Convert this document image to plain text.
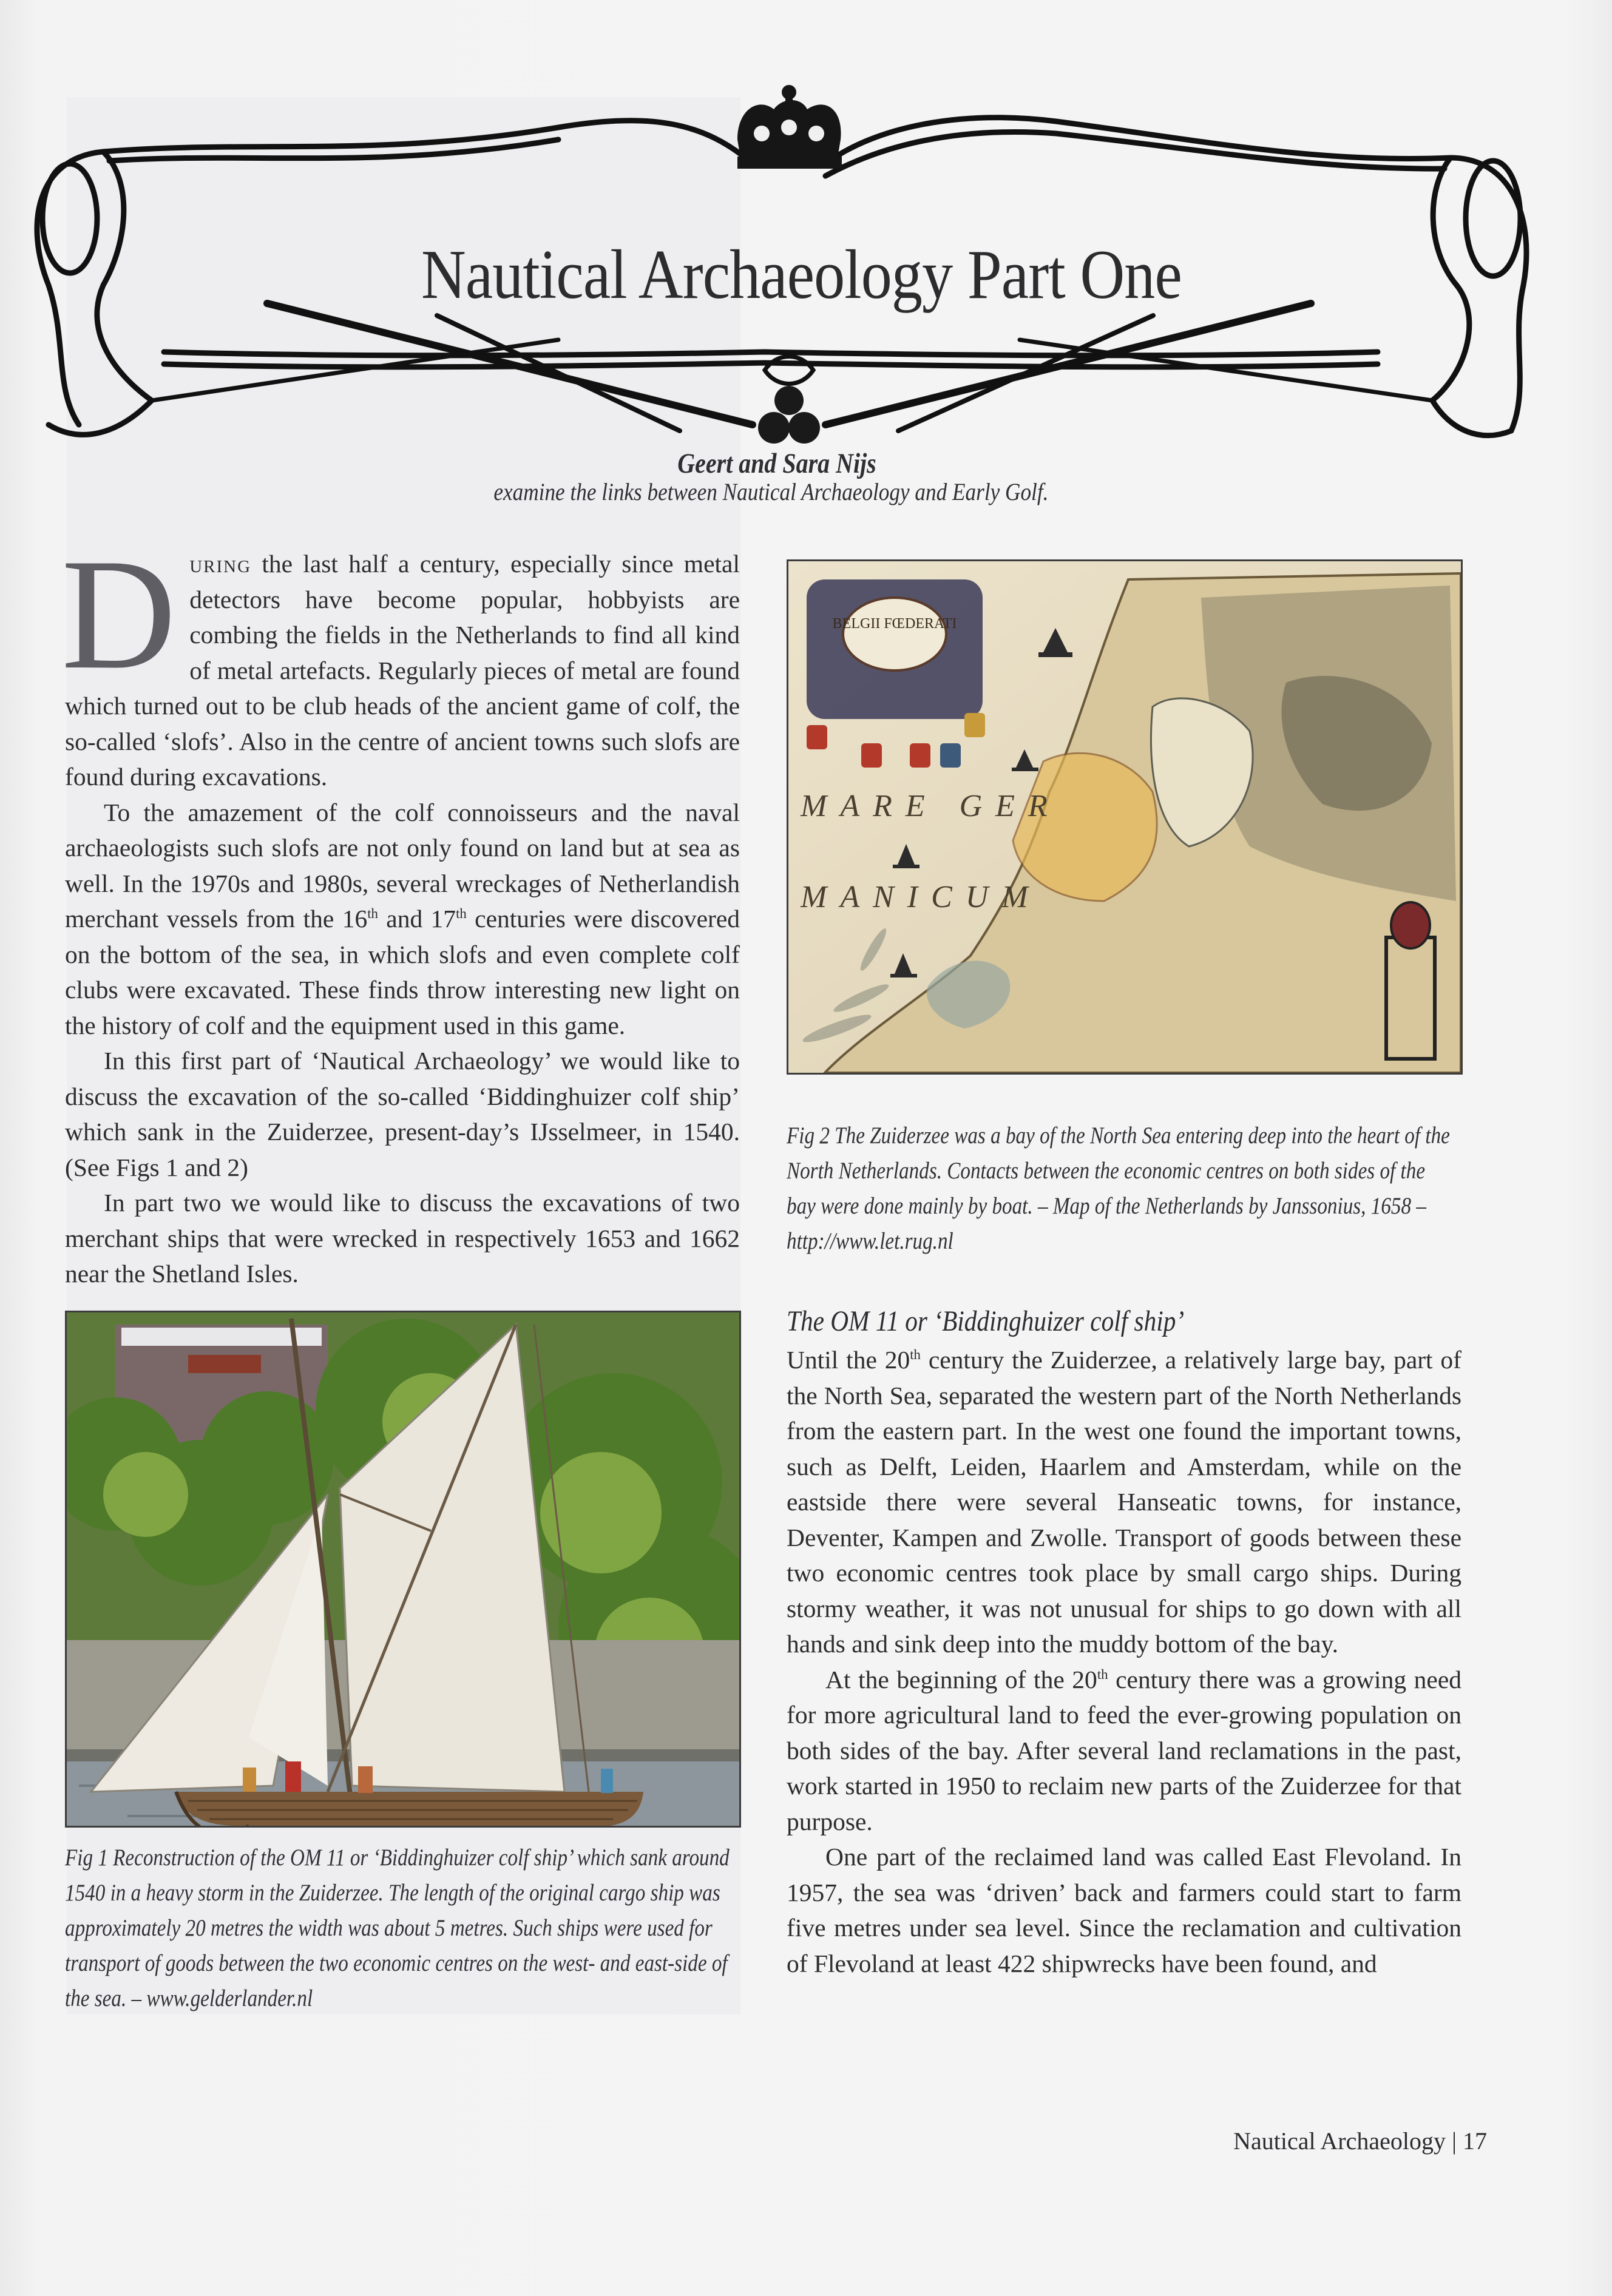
Nautical Archaeology Part One
Geert and Sara Nijs
examine the links between Nautical Archaeology and Early Golf.

During the last half a century, especially since metal detectors have become popular, hobbyists are combing the fields in the Netherlands to find all kind of metal artefacts. Regularly pieces of metal are found which turned out to be club heads of the ancient game of colf, the so-called ‘slofs’. Also in the centre of ancient towns such slofs are found during excavations.

To the amazement of the colf connoisseurs and the naval archaeologists such slofs are not only found on land but at sea as well. In the 1970s and 1980s, several wreckages of Netherlandish merchant vessels from the 16th and 17th centuries were discovered on the bottom of the sea, in which slofs and even complete colf clubs were excavated. These finds throw interesting new light on the history of colf and the equipment used in this game.

In this first part of ‘Nautical Archaeology’ we would like to discuss the excavation of the so-called ‘Biddinghuizer colf ship’ which sank in the Zuiderzee, present-day’s IJsselmeer, in 1540. (See Figs 1 and 2)

In part two we would like to discuss the excavations of two merchant ships that were wrecked in respectively 1653 and 1662 near the Shetland Isles.

BELGII FŒDERATI
MARE GER
MANICUM
Fig 2 The Zuiderzee was a bay of the North Sea entering deep into the heart of the North Netherlands. Contacts between the economic centres on both sides of the bay were done mainly by boat. – Map of the Netherlands by Janssonius, 1658 – http://www.let.rug.nl
Fig 1 Reconstruction of the OM 11 or ‘Biddinghuizer colf ship’ which sank around 1540 in a heavy storm in the Zuiderzee. The length of the original cargo ship was approximately 20 metres the width was about 5 metres. Such ships were used for transport of goods between the two economic centres on the west- and east-side of the sea. – www.gelderlander.nl
The OM 11 or ‘Biddinghuizer colf ship’

Until the 20th century the Zuiderzee, a relatively large bay, part of the North Sea, separated the western part of the North Netherlands from the eastern part. In the west one found the important towns, such as Delft, Leiden, Haarlem and Amsterdam, while on the eastside there were several Hanseatic towns, for instance, Deventer, Kampen and Zwolle. Transport of goods between these two economic centres took place by small cargo ships. During stormy weather, it was not unusual for ships to go down with all hands and sink deep into the muddy bottom of the bay.

At the beginning of the 20th century there was a growing need for more agricultural land to feed the ever-growing population on both sides of the bay. After several land reclamations in the past, work started in 1950 to reclaim new parts of the Zuiderzee for that purpose.

One part of the reclaimed land was called East Flevoland. In 1957, the sea was ‘driven’ back and farmers could start to farm five metres under sea level. Since the reclamation and cultivation of Flevoland at least 422 shipwrecks have been found, and

Nautical Archaeology | 17
